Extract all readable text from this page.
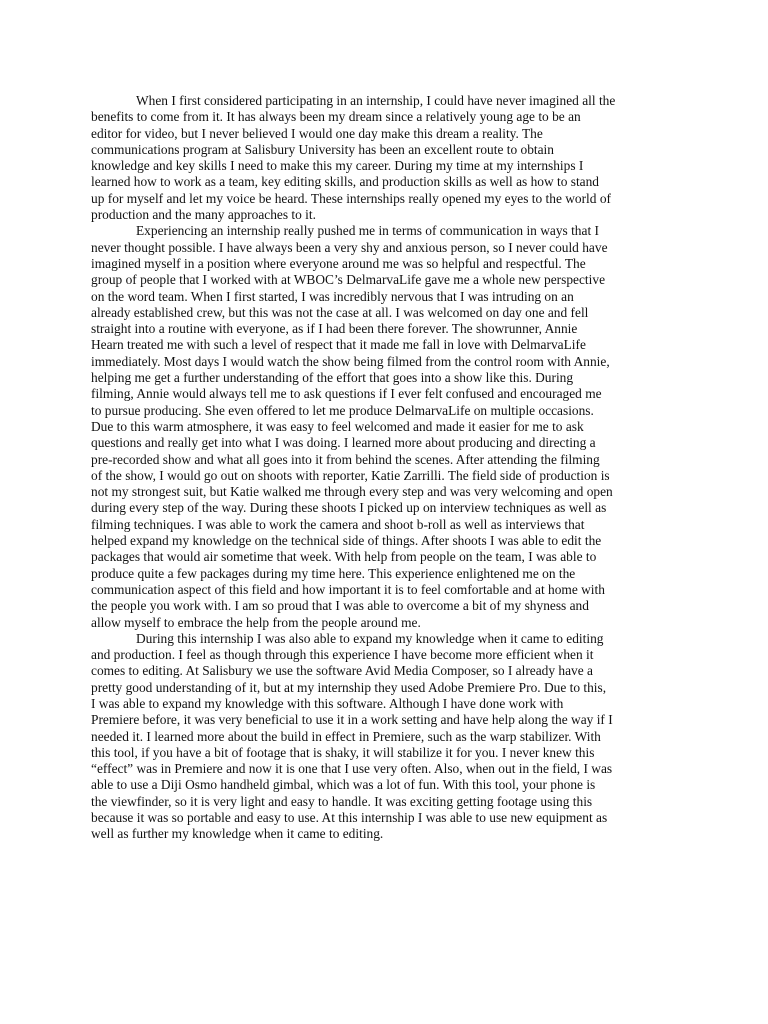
When I first considered participating in an internship, I could have never imagined all the
benefits to come from it. It has always been my dream since a relatively young age to be an
editor for video, but I never believed I would one day make this dream a reality. The
communications program at Salisbury University has been an excellent route to obtain
knowledge and key skills I need to make this my career. During my time at my internships I
learned how to work as a team, key editing skills, and production skills as well as how to stand
up for myself and let my voice be heard. These internships really opened my eyes to the world of
production and the many approaches to it.
Experiencing an internship really pushed me in terms of communication in ways that I
never thought possible. I have always been a very shy and anxious person, so I never could have
imagined myself in a position where everyone around me was so helpful and respectful. The
group of people that I worked with at WBOC’s DelmarvaLife gave me a whole new perspective
on the word team. When I first started, I was incredibly nervous that I was intruding on an
already established crew, but this was not the case at all. I was welcomed on day one and fell
straight into a routine with everyone, as if I had been there forever. The showrunner, Annie
Hearn treated me with such a level of respect that it made me fall in love with DelmarvaLife
immediately. Most days I would watch the show being filmed from the control room with Annie,
helping me get a further understanding of the effort that goes into a show like this. During
filming, Annie would always tell me to ask questions if I ever felt confused and encouraged me
to pursue producing. She even offered to let me produce DelmarvaLife on multiple occasions.
Due to this warm atmosphere, it was easy to feel welcomed and made it easier for me to ask
questions and really get into what I was doing. I learned more about producing and directing a
pre-recorded show and what all goes into it from behind the scenes. After attending the filming
of the show, I would go out on shoots with reporter, Katie Zarrilli. The field side of production is
not my strongest suit, but Katie walked me through every step and was very welcoming and open
during every step of the way. During these shoots I picked up on interview techniques as well as
filming techniques. I was able to work the camera and shoot b-roll as well as interviews that
helped expand my knowledge on the technical side of things. After shoots I was able to edit the
packages that would air sometime that week. With help from people on the team, I was able to
produce quite a few packages during my time here. This experience enlightened me on the
communication aspect of this field and how important it is to feel comfortable and at home with
the people you work with. I am so proud that I was able to overcome a bit of my shyness and
allow myself to embrace the help from the people around me.
During this internship I was also able to expand my knowledge when it came to editing
and production. I feel as though through this experience I have become more efficient when it
comes to editing. At Salisbury we use the software Avid Media Composer, so I already have a
pretty good understanding of it, but at my internship they used Adobe Premiere Pro. Due to this,
I was able to expand my knowledge with this software. Although I have done work with
Premiere before, it was very beneficial to use it in a work setting and have help along the way if I
needed it. I learned more about the build in effect in Premiere, such as the warp stabilizer. With
this tool, if you have a bit of footage that is shaky, it will stabilize it for you. I never knew this
“effect” was in Premiere and now it is one that I use very often. Also, when out in the field, I was
able to use a Diji Osmo handheld gimbal, which was a lot of fun. With this tool, your phone is
the viewfinder, so it is very light and easy to handle. It was exciting getting footage using this
because it was so portable and easy to use. At this internship I was able to use new equipment as
well as further my knowledge when it came to editing.
